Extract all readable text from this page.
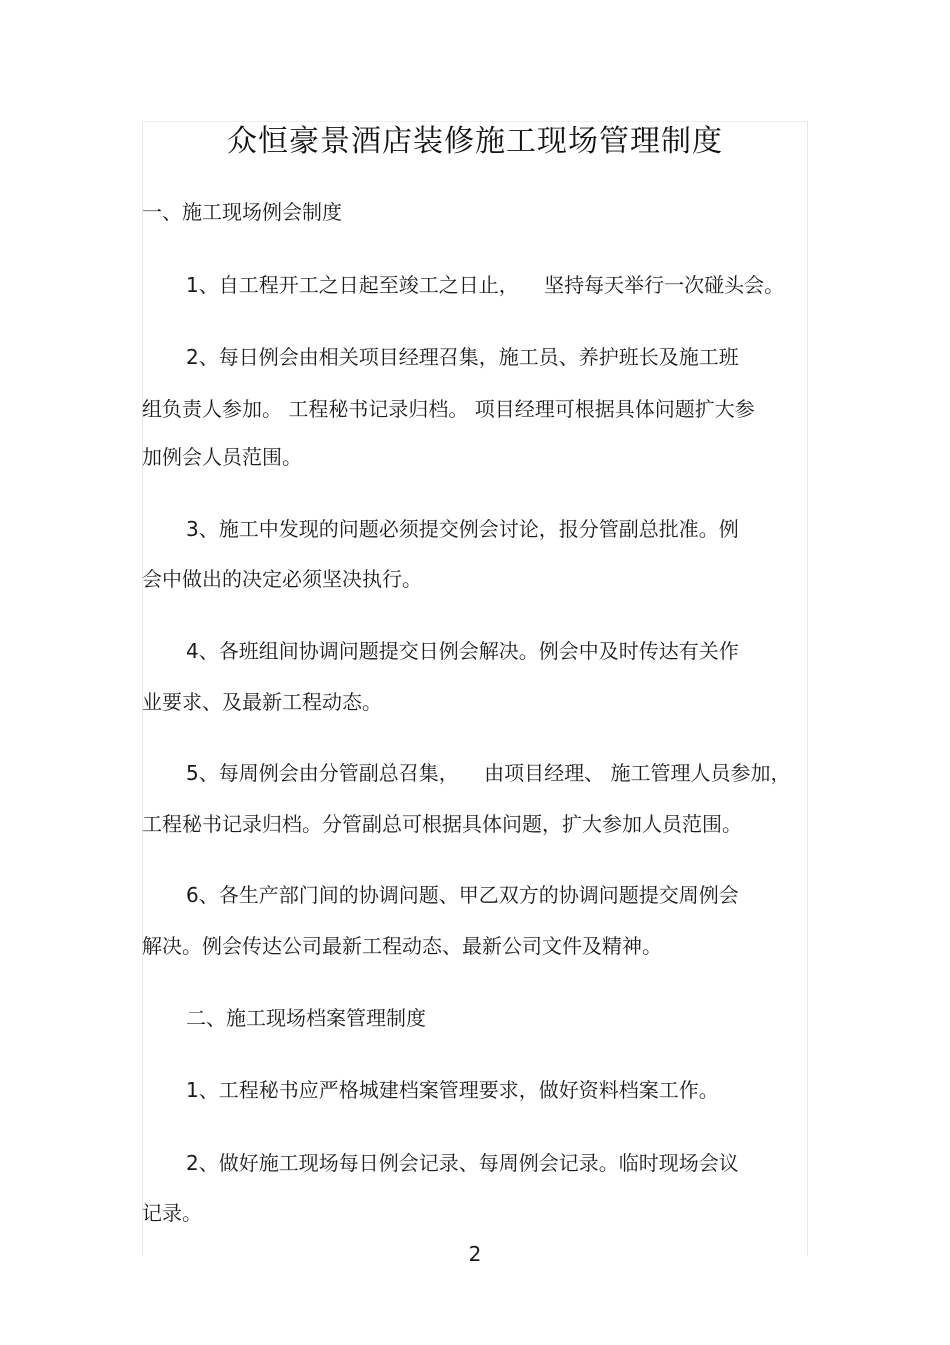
众恒豪景酒店装修施工现场管理制度
一、施工现场例会制度
1、自工程开工之日起至竣工之日止，    坚持每天举行一次碰头会。
2、每日例会由相关项目经理召集，施工员、养护班长及施工班
组负责人参加。 工程秘书记录归档。 项目经理可根据具体问题扩大参
加例会人员范围。
3、施工中发现的问题必须提交例会讨论，报分管副总批准。例
会中做出的决定必须坚决执行。
4、各班组间协调问题提交日例会解决。例会中及时传达有关作
业要求、及最新工程动态。
5、每周例会由分管副总召集，    由项目经理、 施工管理人员参加，
工程秘书记录归档。分管副总可根据具体问题，扩大参加人员范围。
6、各生产部门间的协调问题、甲乙双方的协调问题提交周例会
解决。例会传达公司最新工程动态、最新公司文件及精神。
二、施工现场档案管理制度
1、工程秘书应严格城建档案管理要求，做好资料档案工作。
2、做好施工现场每日例会记录、每周例会记录。临时现场会议
记录。
2
